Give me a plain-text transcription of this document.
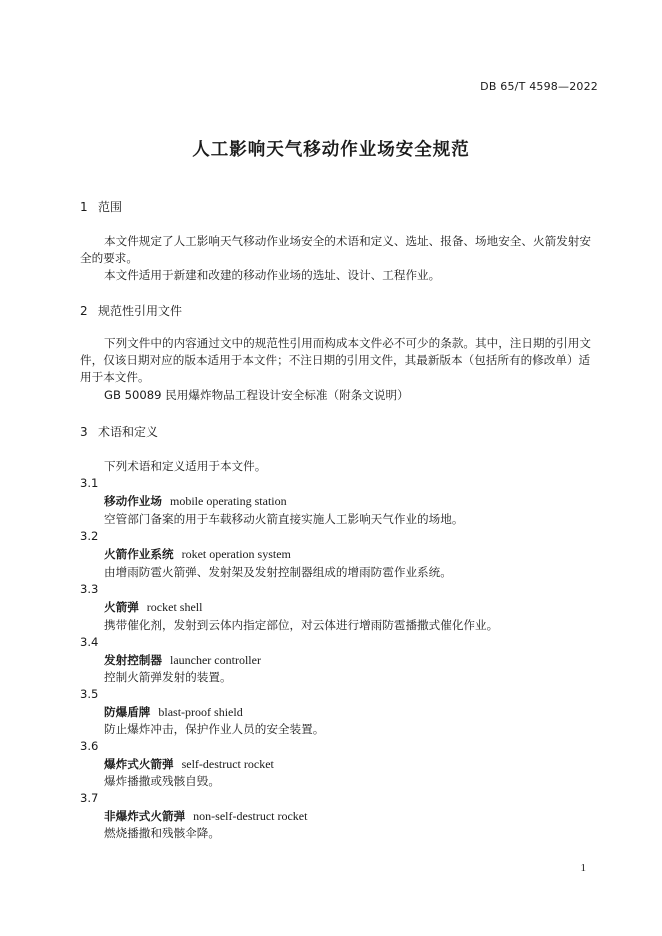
DB 65/T 4598—2022
人工影响天气移动作业场安全规范
1 范围
本文件规定了人工影响天气移动作业场安全的术语和定义、选址、报备、场地安全、火箭发射安全的要求。
本文件适用于新建和改建的移动作业场的选址、设计、工程作业。
2 规范性引用文件
下列文件中的内容通过文中的规范性引用而构成本文件必不可少的条款。其中，注日期的引用文件，仅该日期对应的版本适用于本文件；不注日期的引用文件，其最新版本（包括所有的修改单）适用于本文件。
GB 50089 民用爆炸物品工程设计安全标准（附条文说明）
3 术语和定义
下列术语和定义适用于本文件。
3.1
移动作业场 mobile operating station
空管部门备案的用于车载移动火箭直接实施人工影响天气作业的场地。
3.2
火箭作业系统 roket operation system
由增雨防雹火箭弹、发射架及发射控制器组成的增雨防雹作业系统。
3.3
火箭弹 rocket shell
携带催化剂，发射到云体内指定部位，对云体进行增雨防雹播撒式催化作业。
3.4
发射控制器 launcher controller
控制火箭弹发射的装置。
3.5
防爆盾牌 blast-proof shield
防止爆炸冲击，保护作业人员的安全装置。
3.6
爆炸式火箭弹 self-destruct rocket
爆炸播撒或残骸自毁。
3.7
非爆炸式火箭弹 non-self-destruct rocket
燃烧播撒和残骸伞降。
1
